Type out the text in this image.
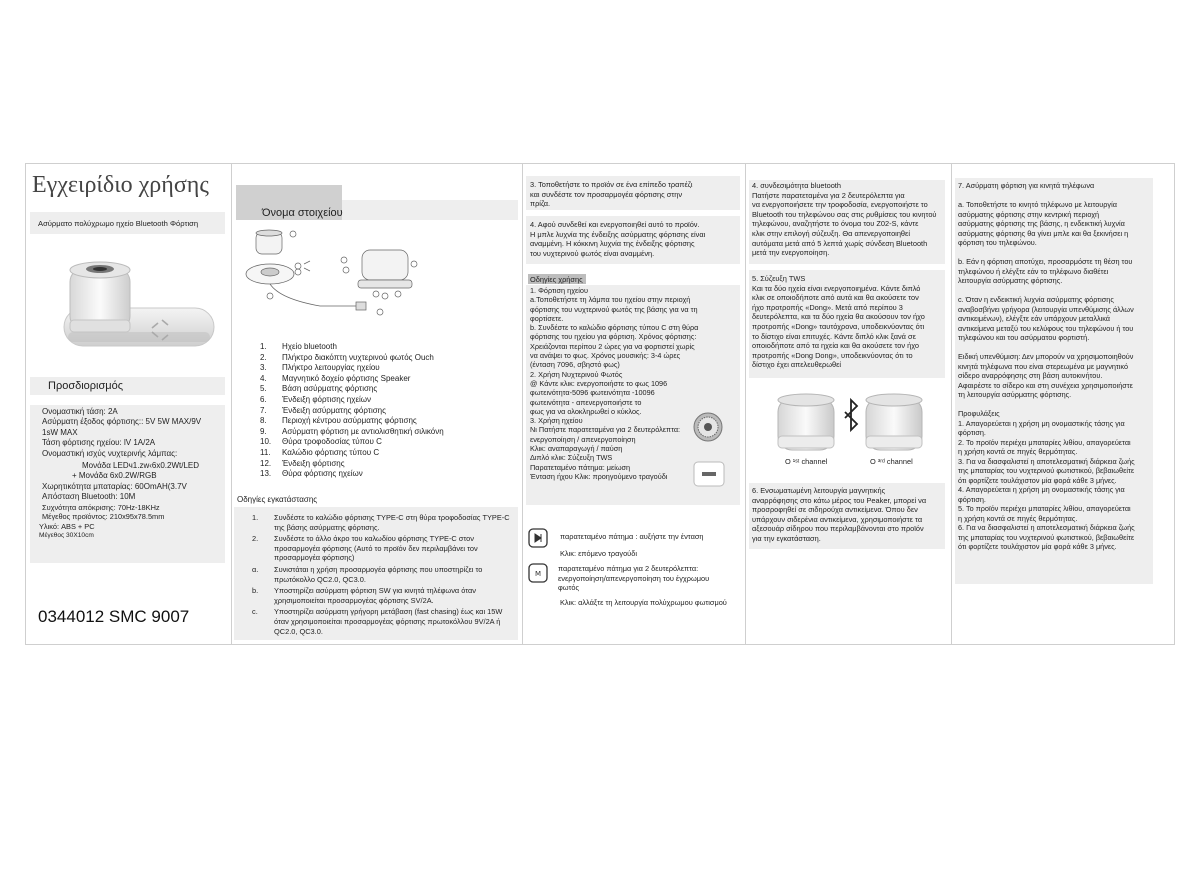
Εγχειρίδιο χρήσης
Ασύρματο πολύχρωμο ηχείο Bluetooth Φόρτιση
Προσδιορισμός
Ονομαστική τάση: 2A
Ασύρματη έξοδος φόρτισης:: 5V 5W MAX/9V
1sW MAX
Τάση φόρτισης ηχείου: lV 1A/2A
Ονομαστική ισχύς νυχτερινής λάμπας:
Μονάδα LEDч1.zw‹6x0.2Wt/LED
+ Μονάδα 6x0.2W/RGB
Χωρητικότητα μπαταρίας: 60OmAH(3.7V
Απόσταση Bluetooth: 10M
Συχνότητα απόκρισης: 70Hz-18KHz
Μέγεθος προϊόντος: 210x95x78.5mm
Υλικό: ABS + PC
Μέγεθος 30X10cm
0344012 SMC 9007
Όνομα στοιχείου
1. Ηχείο bluetooth
2. Πλήκτρο διακόπτη νυχτερινού φωτός Ouch
3. Πλήκτρο λειτουργίας ηχείου
4. Μαγνητικό δοχείο φόρτισης Speaker
5. Βάση ασύρματης φόρτισης
6. Ένδειξη φόρτισης ηχείων
7. Ένδειξη ασύρματης φόρτισης
8. Περιοχή κέντρου ασύρματης φόρτισης
9. Ασύρματη φόρτιση με αντιολισθητική σιλικόνη
10. Θύρα τροφοδοσίας τύπου C
11. Καλώδιο φόρτισης τύπου C
12. Ένδειξη φόρτισης
13. Θύρα φόρτισης ηχείων
Οδηγίες εγκατάστασης
1.	Συνδέστε το καλώδιο φόρτισης TYPE-C στη θύρα τροφοδοσίας TYPE-C της βάσης ασύρματης φόρτισης.
2.	Συνδέστε το άλλο άκρο του καλωδίου φόρτισης TYPE-C στον προσαρμογέα φόρτισης (Αυτό το προϊόν δεν περιλαμβάνει τον προσαρμογέα φόρτισης)
α.	Συνιστάται η χρήση προσαρμογέα φόρτισης που υποστηρίζει το πρωτόκολλο QC2.0, QC3.0.
b.	Υποστηρίζει ασύρματη φόρτιση SW για κινητά τηλέφωνα όταν χρησιμοποιείται προσαρμογέας φόρτισης SV/2A.
c.	Υποστηρίζει ασύρματη γρήγορη μετάβαση (fast chasing) έως και 15W όταν χρησιμοποιείται προσαρμογέας φόρτισης πρωτοκόλλου 9V/2A ή QC2.0, QC3.0.
3. Τοποθετήστε το προϊόν σε ένα επίπεδο τραπέζι
και συνδέστε τον προσαρμογέα φόρτισης στην
πρίζα.
4. Αφού συνδεθεί και ενεργοποιηθεί αυτό το προϊόν.
Η μπλε λυχνία της ένδειξης ασύρματης φόρτισης είναι
αναμμένη. Η κόκκινη λυχνία της ένδειξης φόρτισης
του νυχτερινού φωτός είναι αναμμένη.
Οδηγίες χρήσης
1. Φόρτιση ηχείου
a.Τοποθετήστε τη λάμπα του ηχείου στην περιοχή
φόρτισης του νυχτερινού φωτός της βάσης για να τη
φορτίσετε.
b. Συνδέστε το καλώδιο φόρτισης τύπου C στη θύρα
φόρτισης του ηχείου για φόρτιση. Χρόνος φόρτισης:
Χρειάζονται περίπου 2 ώρες για να φορτιστεί χωρίς
να ανάψει το φως. Χρόνος μουσικής: 3-4 ώρες
(ένταση 7096, σβηστό φως)
2. Χρήση Νυχτερινού Φωτός
@ Κάντε κλικ: ενεργοποιήστε το φως 1096
φωτεινότητα-5096 φωτεινότητα -10096
φωτεινότητα - απενεργοποιήστε το
φως για να ολοκληρωθεί ο κύκλος.
3. Χρήση ηχείου
Νι Πατήστε παρατεταμένα για 2 δευτερόλεπτα:
ενεργοποίηση / απενεργοποίηση
Κλικ: αναπαραγωγή / παύση
Διπλό κλικ: Σύζευξη TWS
Παρατεταμένο πάτημα: μείωση
Ένταση ήχου Κλικ: προηγούμενο τραγούδι
παρατεταμένο πάτημα : αυξήστε την ένταση
Κλικ: επόμενο τραγούδι
M
παρατεταμένο πάτημα για 2 δευτερόλεπτα:
ενεργοποίηση/απενεργοποίηση του έγχρωμου
φωτός
Κλικ: αλλάξτε τη λειτουργία πολύχρωμου φωτισμού
4. συνδεσιμότητα bluetooth
Πατήστε παρατεταμένα για 2 δευτερόλεπτα για
να ενεργοποιήσετε την τροφοδοσία, ενεργοποιήστε το
Bluetooth του τηλεφώνου σας στις ρυθμίσεις του κινητού
τηλεφώνου, αναζητήστε το όνομα του Z02-S, κάντε
κλικ στην επιλογή σύζευξη. Θα απενεργοποιηθεί
αυτόματα μετά από 5 λεπτά χωρίς σύνδεση Bluetooth
μετά την ενεργοποίηση.
5. Σύζευξη TWS
Και τα δύο ηχεία είναι ενεργοποιημένα. Κάντε διπλό
κλικ σε οποιοδήποτε από αυτά και θα ακούσετε τον
ήχο προτροπής «Dong». Μετά από περίπου 3
δευτερόλεπτα, και τα δύο ηχεία θα ακούσουν τον ήχο
προτροπής «Dong» ταυτόχρονα, υποδεικνύοντας ότι
το δίστιχο είναι επιτυχές. Κάντε διπλό κλικ ξανά σε
οποιοδήποτε από τα ηχεία και θα ακούσετε τον ήχο
προτροπής «Dong Dong», υποδεικνύοντας ότι το
δίστιχο έχει απελευθερωθεί
Ο ¹ˢᵗ channel	Ο ³ʳᵈ channel
6. Ενσωματωμένη λειτουργία μαγνητικής
αναρρόφησης στο κάτω μέρος του Peaker, μπορεί να
προσροφηθεί σε σιδηρούχα αντικείμενα. Όπου δεν
υπάρχουν σιδερένια αντικείμενα, χρησιμοποιήστε τα
αξεσουάρ σίδηρου που περιλαμβάνονται στο προϊόν
για την εγκατάσταση.
7. Ασύρματη φόρτιση για κινητά τηλέφωνα

a. Τοποθετήστε το κινητό τηλέφωνο με λειτουργία
ασύρματης φόρτισης στην κεντρική περιοχή
ασύρματης φόρτισης της βάσης, η ενδεικτική λυχνία
ασύρματης φόρτισης θα γίνει μπλε και θα ξεκινήσει η
φόρτιση του τηλεφώνου.

b. Εάν η φόρτιση αποτύχει, προσαρμόστε τη θέση του
τηλεφώνου ή ελέγξτε εάν το τηλέφωνο διαθέτει
λειτουργία ασύρματης φόρτισης.

c. Όταν η ενδεικτική λυχνία ασύρματης φόρτισης
αναβοσβήνει γρήγορα (λειτουργία υπενθύμισης άλλων
αντικειμένων), ελέγξτε εάν υπάρχουν μεταλλικά
αντικείμενα μεταξύ του κελύφους του τηλεφώνου ή του
τηλεφώνου και του ασύρματου φορτιστή.

Ειδική υπενθύμιση: Δεν μπορούν να χρησιμοποιηθούν
κινητά τηλέφωνα που είναι στερεωμένα με μαγνητικό
σίδερο αναρρόφησης στη βάση αυτοκινήτου.
Αφαιρέστε το σίδερο και στη συνέχεια χρησιμοποιήστε
τη λειτουργία ασύρματης φόρτισης.

Προφυλάξεις
1. Απαγορεύεται η χρήση μη ονομαστικής τάσης για
φόρτιση.
2. Το προϊόν περιέχει μπαταρίες λιθίου, απαγορεύεται
η χρήση κοντά σε πηγές θερμότητας.
3. Για να διασφαλιστεί η αποτελεσματική διάρκεια ζωής
της μπαταρίας του νυχτερινού φωτιστικού, βεβαιωθείτε
ότι φορτίζετε τουλάχιστον μία φορά κάθε 3 μήνες.
4. Απαγορεύεται η χρήση μη ονομαστικής τάσης για
φόρτιση.
5. Το προϊόν περιέχει μπαταρίες λιθίου, απαγορεύεται
η χρήση κοντά σε πηγές θερμότητας.
6. Για να διασφαλιστεί η αποτελεσματική διάρκεια ζωής
της μπαταρίας του νυχτερινού φωτιστικού, βεβαιωθείτε
ότι φορτίζετε τουλάχιστον μία φορά κάθε 3 μήνες.
